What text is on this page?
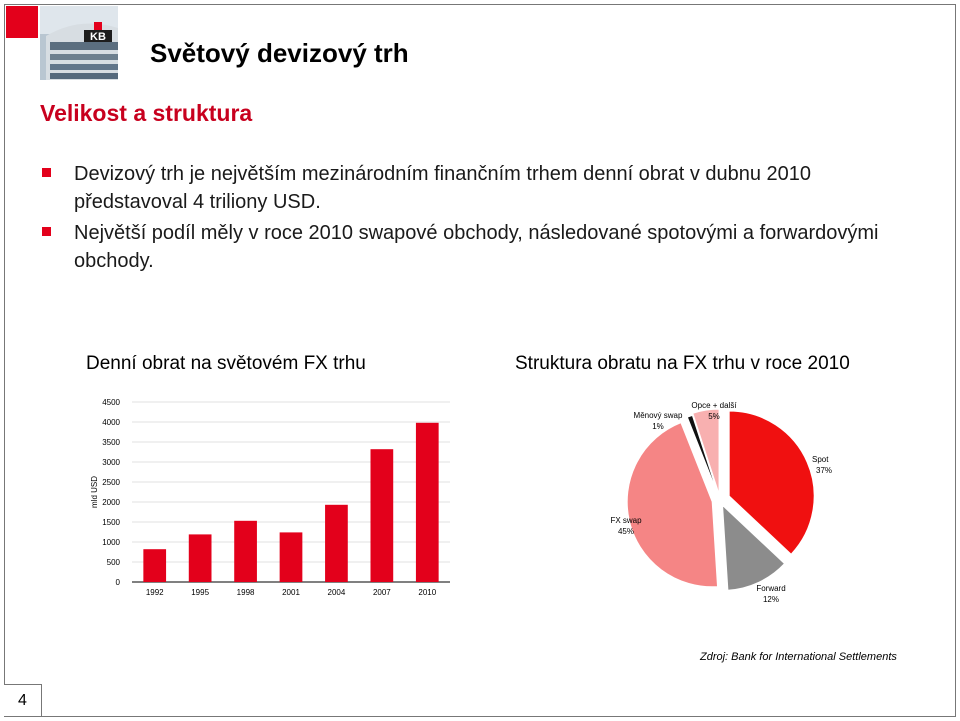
KB
Světový devizový trh
Velikost a struktura
Devizový trh je největším mezinárodním finančním trhem denní obrat v dubnu 2010 představoval 4 triliony USD.
Největší podíl měly v roce 2010 swapové obchody, následované spotovými a forwardovými obchody.
Denní obrat na světovém FX trhu	Struktura obratu na FX trhu v roce 2010
0
500
1000
1500
2000
2500
3000
3500
4000
4500
mld USD
1992	1995	1998	2001	2004	2007	2010
Spot
37%
Forward
12%
FX swap
45%
Měnový swap
1%
Opce + další
5%
Zdroj: Bank for International Settlements
4
